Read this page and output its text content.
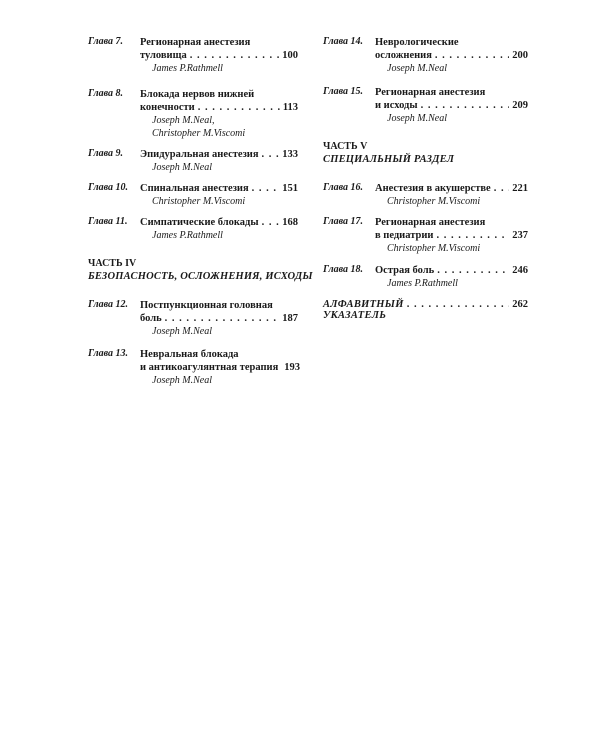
Глава 7. Регионарная анестезия
туловища . . .	100
James P.Rathmell
Глава 8. Блокада нервов нижней
конечности . . .	113
Joseph M.Neal,
Christopher M.Viscomi
Глава 9. Эпидуральная анестезия . . . 133
Joseph M.Neal
Глава 10. Спинальная анестезия . . .	151
Christopher M.Viscomi
Глава 11. Симпатические блокады . . . 168
James P.Rathmell
ЧАСТЬ IV
БЕЗОПАСНОСТЬ, ОСЛОЖНЕНИЯ, ИСХОДЫ
Глава 12. Постпункционная головная
боль . . .	187
Joseph M.Neal
Глава 13. Невральная блокада
и антикоагулянтная терапия 193
Joseph M.Neal
Глава 14. Неврологические
осложнения . . .	200
Joseph M.Neal
Глава 15. Регионарная анестезия
и исходы . . .	209
Joseph M.Neal
ЧАСТЬ V
СПЕЦИАЛЬНЫЙ РАЗДЕЛ
Глава 16. Анестезия в акушерстве . . . 221
Christopher M.Viscomi
Глава 17. Регионарная анестезия
в педиатрии . . .	237
Christopher M.Viscomi
Глава 18. Острая боль . . .	246
James P.Rathmell
АЛФАВИТНЫЙ УКАЗАТЕЛЬ
. . .
262
